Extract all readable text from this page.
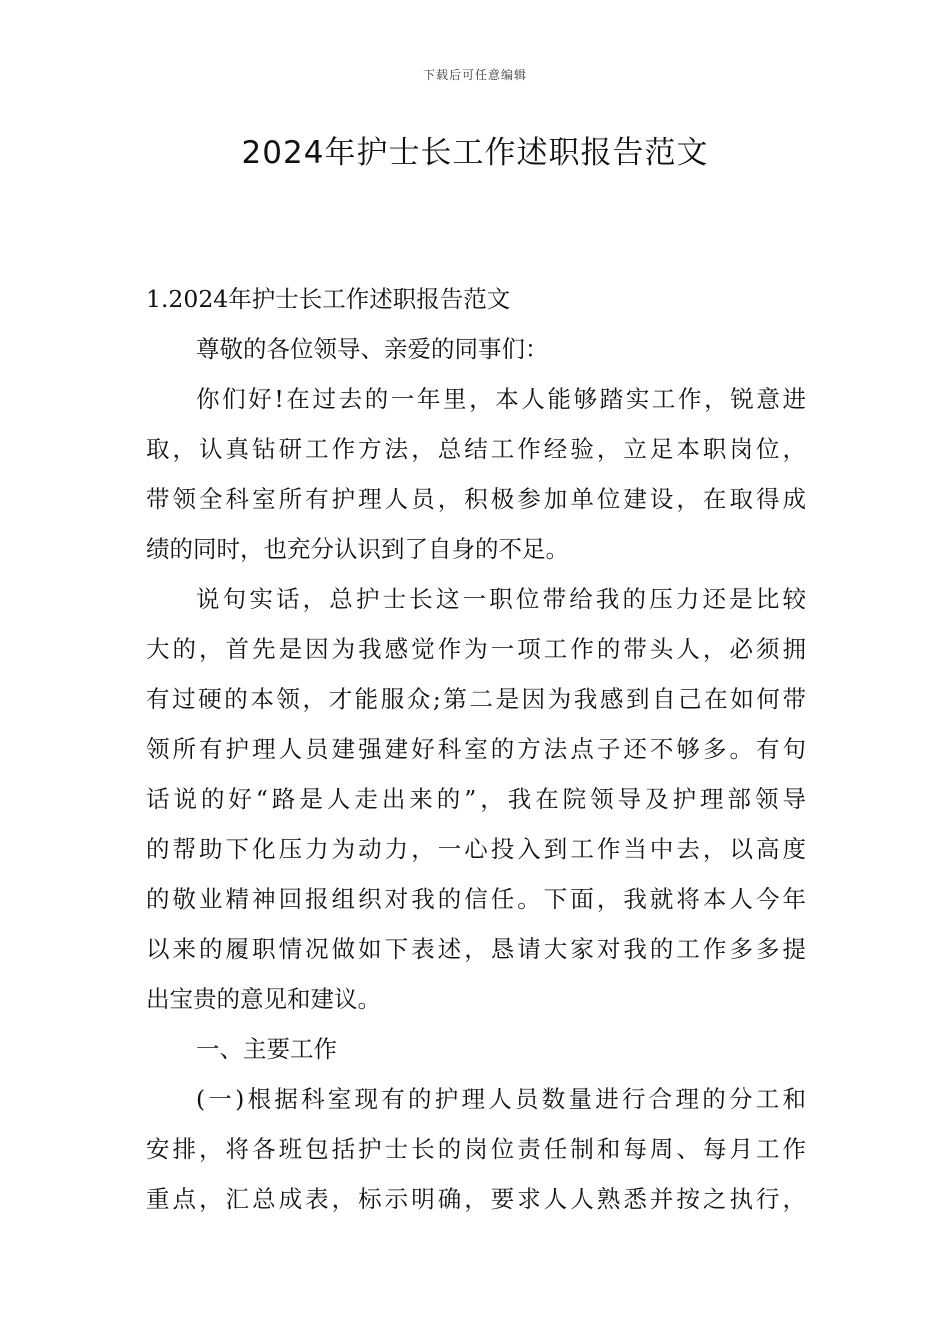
下载后可任意编辑
2024年护士长工作述职报告范文
1.2024年护士长工作述职报告范文
尊敬的各位领导、亲爱的同事们：
你们好!在过去的一年里，本人能够踏实工作，锐意进
取，认真钻研工作方法，总结工作经验，立足本职岗位，
带领全科室所有护理人员，积极参加单位建设，在取得成
绩的同时，也充分认识到了自身的不足。
说句实话，总护士长这一职位带给我的压力还是比较
大的，首先是因为我感觉作为一项工作的带头人，必须拥
有过硬的本领，才能服众;第二是因为我感到自己在如何带
领所有护理人员建强建好科室的方法点子还不够多。有句
话说的好“路是人走出来的”，我在院领导及护理部领导
的帮助下化压力为动力，一心投入到工作当中去，以高度
的敬业精神回报组织对我的信任。下面，我就将本人今年
以来的履职情况做如下表述，恳请大家对我的工作多多提
出宝贵的意见和建议。
一、主要工作
(一)根据科室现有的护理人员数量进行合理的分工和
安排，将各班包括护士长的岗位责任制和每周、每月工作
重点，汇总成表，标示明确，要求人人熟悉并按之执行，
